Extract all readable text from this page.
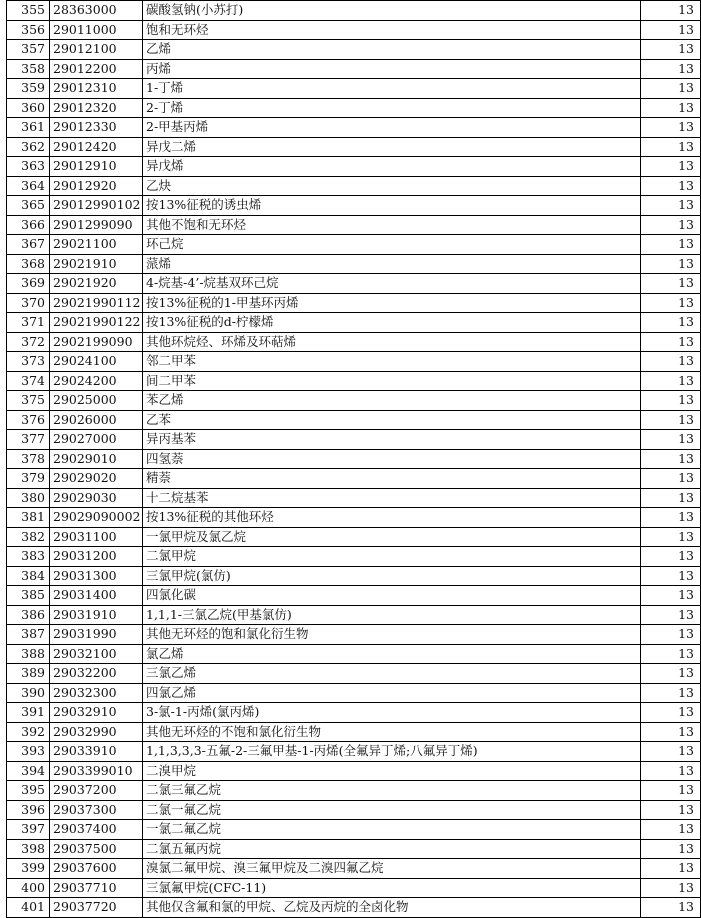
355	28363000	碳酸氢钠(小苏打)	13
356	29011000	饱和无环烃	13
357	29012100	乙烯	13
358	29012200	丙烯	13
359	29012310	1-丁烯	13
360	29012320	2-丁烯	13
361	29012330	2-甲基丙烯	13
362	29012420	异戊二烯	13
363	29012910	异戊烯	13
364	29012920	乙炔	13
365	29012990102	按13%征税的诱虫烯	13
366	2901299090	其他不饱和无环烃	13
367	29021100	环己烷	13
368	29021910	蒎烯	13
369	29021920	4-烷基-4’-烷基双环己烷	13
370	29021990112	按13%征税的1-甲基环丙烯	13
371	29021990122	按13%征税的d-柠檬烯	13
372	2902199090	其他环烷烃、环烯及环萜烯	13
373	29024100	邻二甲苯	13
374	29024200	间二甲苯	13
375	29025000	苯乙烯	13
376	29026000	乙苯	13
377	29027000	异丙基苯	13
378	29029010	四氢萘	13
379	29029020	精萘	13
380	29029030	十二烷基苯	13
381	29029090002	按13%征税的其他环烃	13
382	29031100	一氯甲烷及氯乙烷	13
383	29031200	二氯甲烷	13
384	29031300	三氯甲烷(氯仿)	13
385	29031400	四氯化碳	13
386	29031910	1,1,1-三氯乙烷(甲基氯仿)	13
387	29031990	其他无环烃的饱和氯化衍生物	13
388	29032100	氯乙烯	13
389	29032200	三氯乙烯	13
390	29032300	四氯乙烯	13
391	29032910	3-氯-1-丙烯(氯丙烯)	13
392	29032990	其他无环烃的不饱和氯化衍生物	13
393	29033910	1,1,3,3,3-五氟-2-三氟甲基-1-丙烯(全氟异丁烯;八氟异丁烯)	13
394	2903399010	二溴甲烷	13
395	29037200	二氯三氟乙烷	13
396	29037300	二氯一氟乙烷	13
397	29037400	一氯二氟乙烷	13
398	29037500	二氯五氟丙烷	13
399	29037600	溴氯二氟甲烷、溴三氟甲烷及二溴四氟乙烷	13
400	29037710	三氯氟甲烷(CFC-11)	13
401	29037720	其他仅含氟和氯的甲烷、乙烷及丙烷的全卤化物	13
